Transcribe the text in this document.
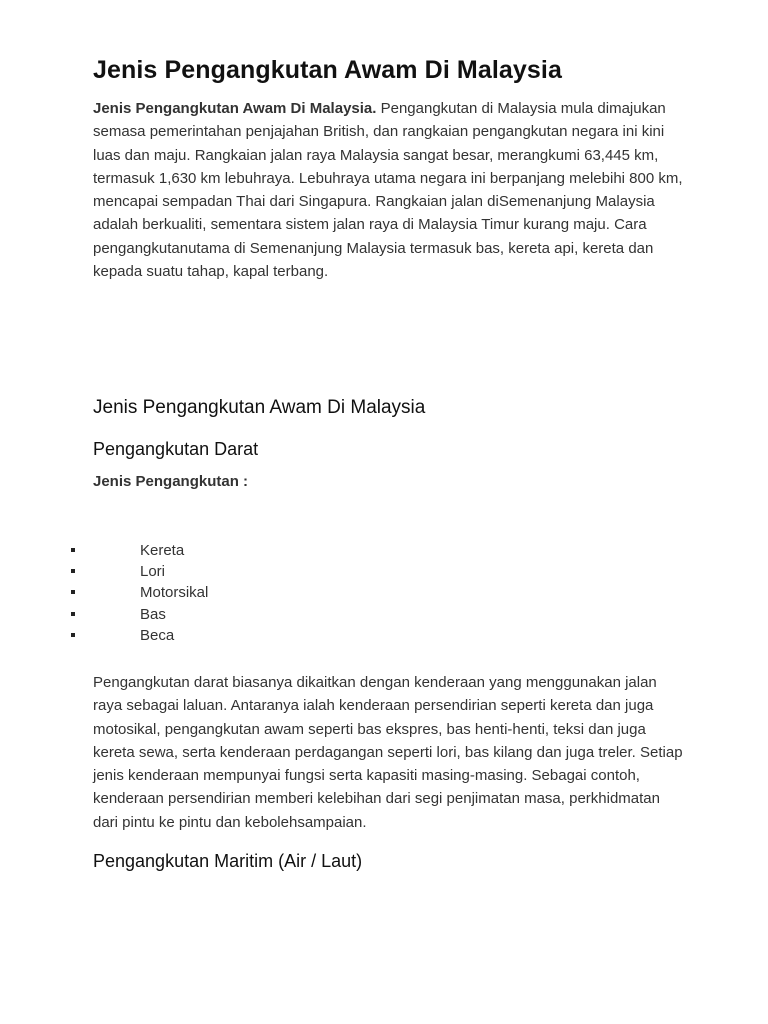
Jenis Pengangkutan Awam Di Malaysia

Jenis Pengangkutan Awam Di Malaysia. Pengangkutan di Malaysia mula dimajukan semasa pemerintahan penjajahan British, dan rangkaian pengangkutan negara ini kini luas dan maju. Rangkaian jalan raya Malaysia sangat besar, merangkumi 63,445 km, termasuk 1,630 km lebuhraya. Lebuhraya utama negara ini berpanjang melebihi 800 km, mencapai sempadan Thai dari Singapura. Rangkaian jalan diSemenanjung Malaysia adalah berkualiti, sementara sistem jalan raya di Malaysia Timur kurang maju. Cara pengangkutanutama di Semenanjung Malaysia termasuk bas, kereta api, kereta dan kepada suatu tahap, kapal terbang.

Jenis Pengangkutan Awam Di Malaysia
Pengangkutan Darat

Jenis Pengangkutan :

Kereta
Lori
Motorsikal
Bas
Beca

Pengangkutan darat biasanya dikaitkan dengan kenderaan yang menggunakan jalan raya sebagai laluan. Antaranya ialah kenderaan persendirian seperti kereta dan juga motosikal, pengangkutan awam seperti bas ekspres, bas henti-henti, teksi dan juga kereta sewa, serta kenderaan perdagangan seperti lori, bas kilang dan juga treler. Setiap jenis kenderaan mempunyai fungsi serta kapasiti masing-masing. Sebagai contoh, kenderaan persendirian memberi kelebihan dari segi penjimatan masa, perkhidmatan dari pintu ke pintu dan kebolehsampaian.

Pengangkutan Maritim (Air / Laut)
